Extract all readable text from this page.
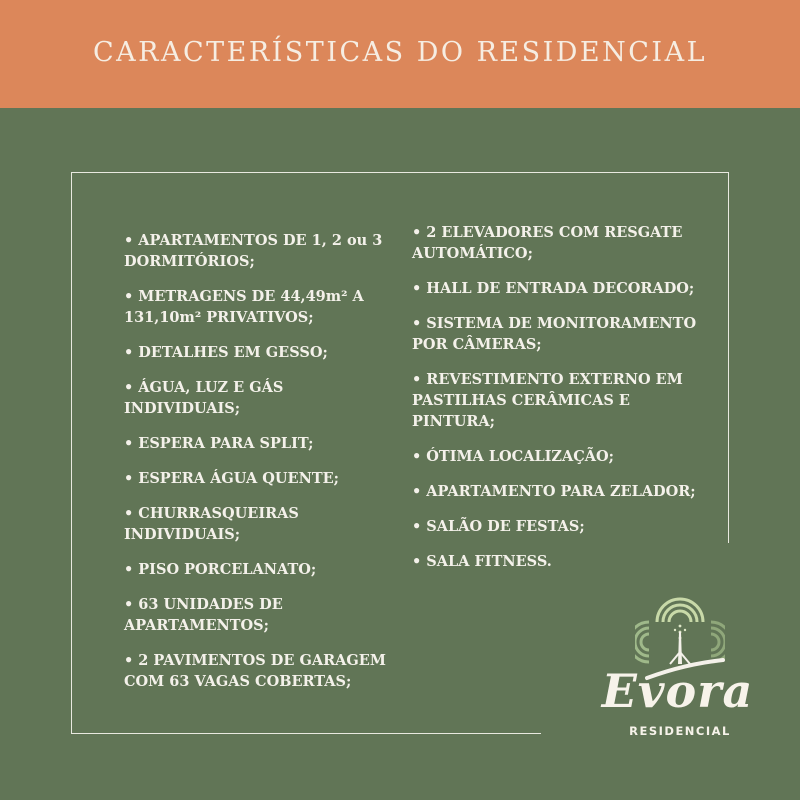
CARACTERÍSTICAS DO RESIDENCIAL
• APARTAMENTOS DE 1, 2 ou 3 DORMITÓRIOS;
• METRAGENS DE 44,49m² A 131,10m² PRIVATIVOS;
• DETALHES EM GESSO;
• ÁGUA, LUZ E GÁS INDIVIDUAIS;
• ESPERA PARA SPLIT;
• ESPERA ÁGUA QUENTE;
• CHURRASQUEIRAS INDIVIDUAIS;
• PISO PORCELANATO;
• 63 UNIDADES DE APARTAMENTOS;
• 2 PAVIMENTOS DE GARAGEM COM 63 VAGAS COBERTAS;
• 2 ELEVADORES COM RESGATE AUTOMÁTICO;
• HALL DE ENTRADA DECORADO;
• SISTEMA DE MONITORAMENTO POR CÂMERAS;
• REVESTIMENTO EXTERNO EM PASTILHAS CERÂMICAS E PINTURA;
• ÓTIMA LOCALIZAÇÃO;
• APARTAMENTO PARA ZELADOR;
• SALÃO DE FESTAS;
• SALA FITNESS.
Evora
RESIDENCIAL
